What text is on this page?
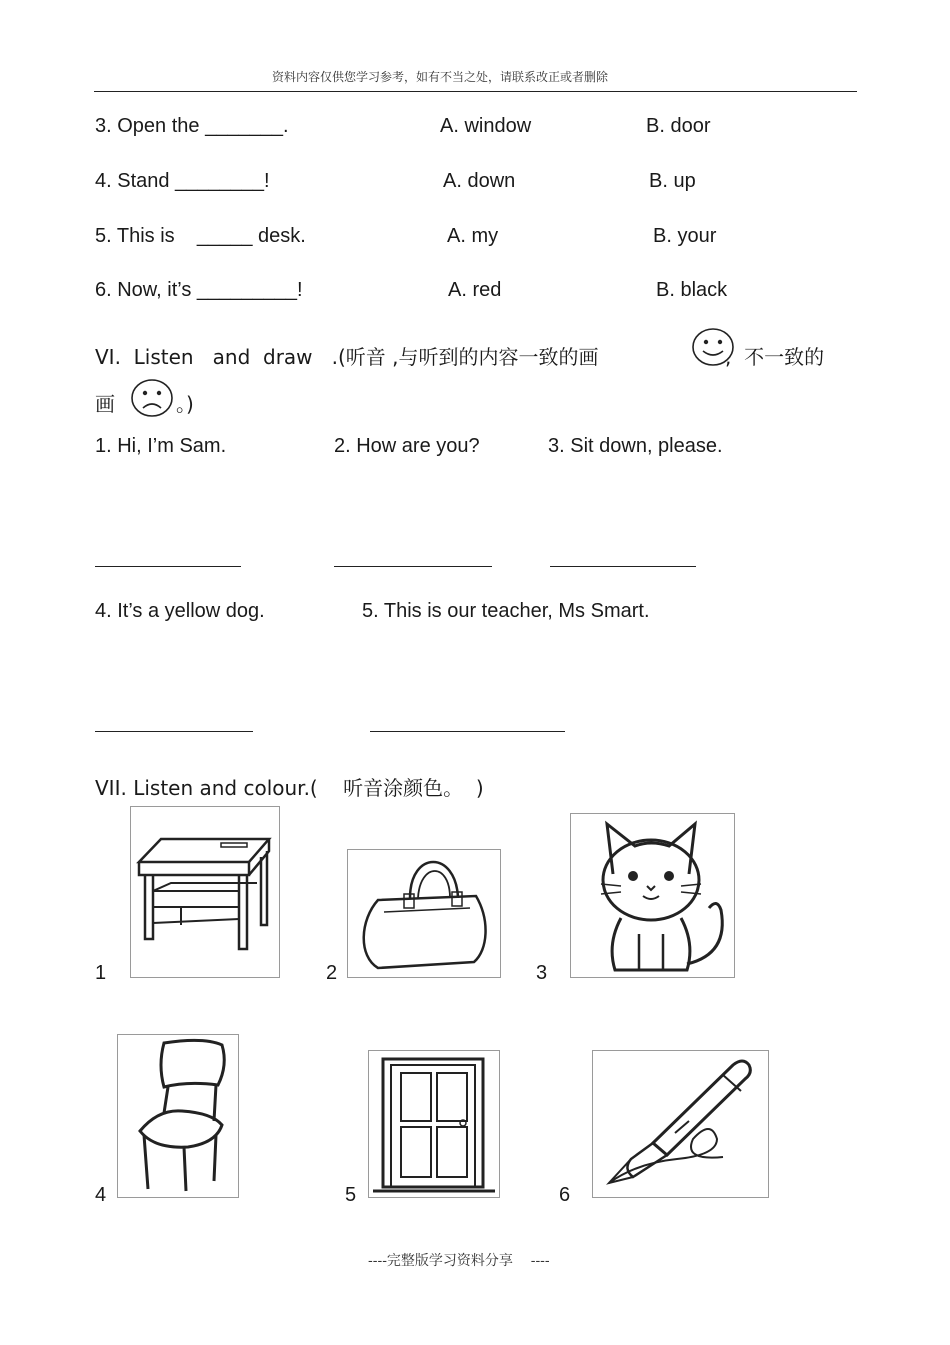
资料内容仅供您学习参考，如有不当之处，请联系改正或者删除
3. Open the _______.	A. window	B. door
4. Stand ________!	A. down	B. up
5. This is    _____ desk.	A. my	B. your
6. Now, it’s _________!	A. red	B. black
VI.  Listen   and  draw   .(听音 ,与听到的内容一致的画	,  不一致的
画	。)
1. Hi, I’m Sam.	2. How are you?	3. Sit down, please.
4. It’s a yellow dog.	5. This is our teacher, Ms Smart.
VII. Listen and colour.(    听音涂颜色。  )
1	2	3
4	5	6
----完整版学习资料分享    ----
